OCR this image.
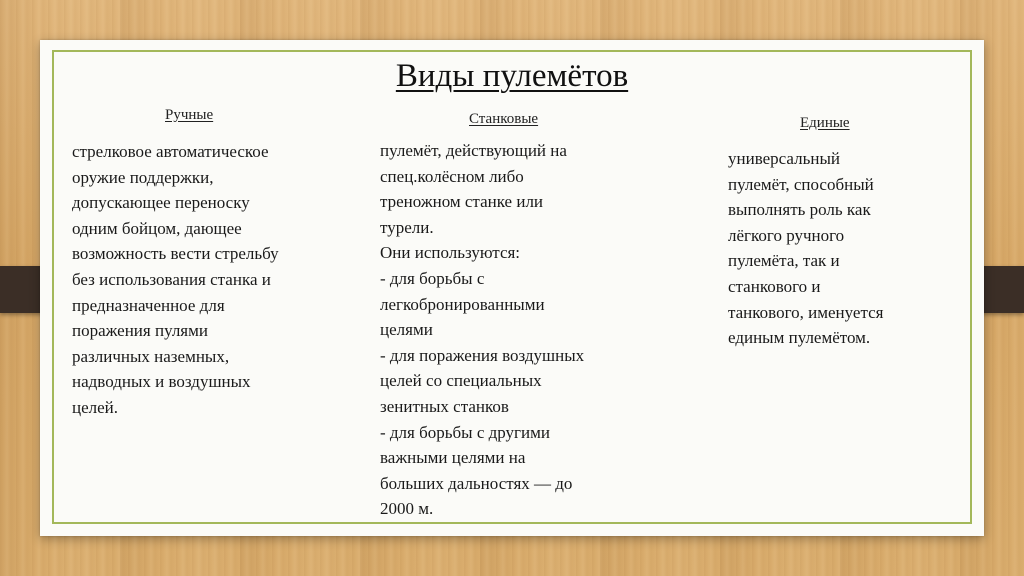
Виды пулемётов
Ручные	Станковые	Единые
стрелковое автоматическое
оружие поддержки,
допускающее переноску
одним бойцом, дающее
возможность вести стрельбу
без использования станка и
предназначенное для
поражения пулями
различных наземных,
надводных и воздушных
целей.
пулемёт, действующий на
спец.колёсном либо
треножном станке или
турели.
Они используются:
- для борьбы с
легкобронированными
целями
- для поражения воздушных
целей со специальных
зенитных станков
- для борьбы с другими
важными целями на
больших дальностях — до
2000 м.
универсальный
пулемёт, способный
выполнять роль как
лёгкого ручного
пулемёта, так и
станкового и
танкового, именуется
единым пулемётом.
